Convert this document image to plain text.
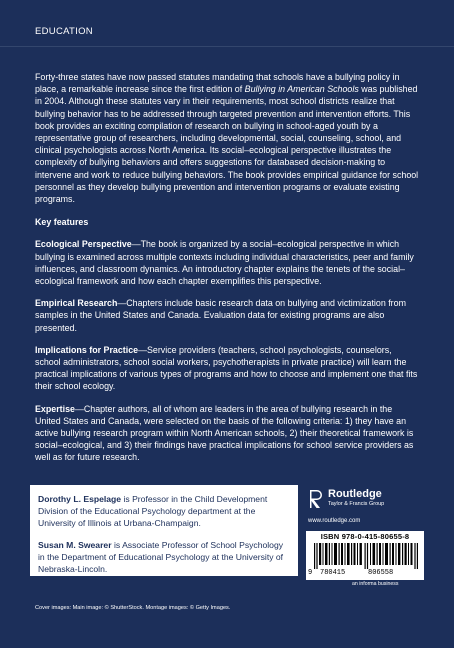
EDUCATION

Forty-three states have now passed statutes mandating that schools have a bullying policy in place, a remarkable increase since the first edition of Bullying in American Schools was published in 2004. Although these statutes vary in their requirements, most school districts realize that bullying behavior has to be addressed through targeted prevention and intervention efforts. This book provides an exciting compilation of research on bullying in school-aged youth by a representative group of researchers, including developmental, social, counseling, school, and clinical psychologists across North America. Its social–ecological perspective illustrates the complexity of bullying behaviors and offers suggestions for databased decision-making to intervene and work to reduce bullying behaviors. The book provides empirical guidance for school personnel as they develop bullying prevention and intervention programs or evaluate existing programs.

Key features

Ecological Perspective—The book is organized by a social–ecological perspective in which bullying is examined across multiple contexts including individual characteristics, peer and family influences, and classroom dynamics. An introductory chapter explains the tenets of the social–ecological framework and how each chapter exemplifies this perspective.

Empirical Research—Chapters include basic research data on bullying and victimization from samples in the United States and Canada. Evaluation data for existing programs are also presented.

Implications for Practice—Service providers (teachers, school psychologists, counselors, school administrators, school social workers, psychotherapists in private practice) will learn the practical implications of various types of programs and how to choose and implement one that fits their school ecology.

Expertise—Chapter authors, all of whom are leaders in the area of bullying research in the United States and Canada, were selected on the basis of the following criteria: 1) they have an active bullying research program within North American schools, 2) their theoretical framework is social–ecological, and 3) their findings have practical implications for school service providers as well as for future research.

Dorothy L. Espelage is Professor in the Child Development Division of the Educational Psychology department at the University of Illinois at Urbana-Champaign.

Susan M. Swearer is Associate Professor of School Psychology in the Department of Educational Psychology at the University of Nebraska-Lincoln.

Routledge
Taylor & Francis Group
www.routledge.com
ISBN 978-0-415-80655-8
9 780415	806558
an informa business
Cover images: Main image: © ShutterStock. Montage images: © Getty Images.
